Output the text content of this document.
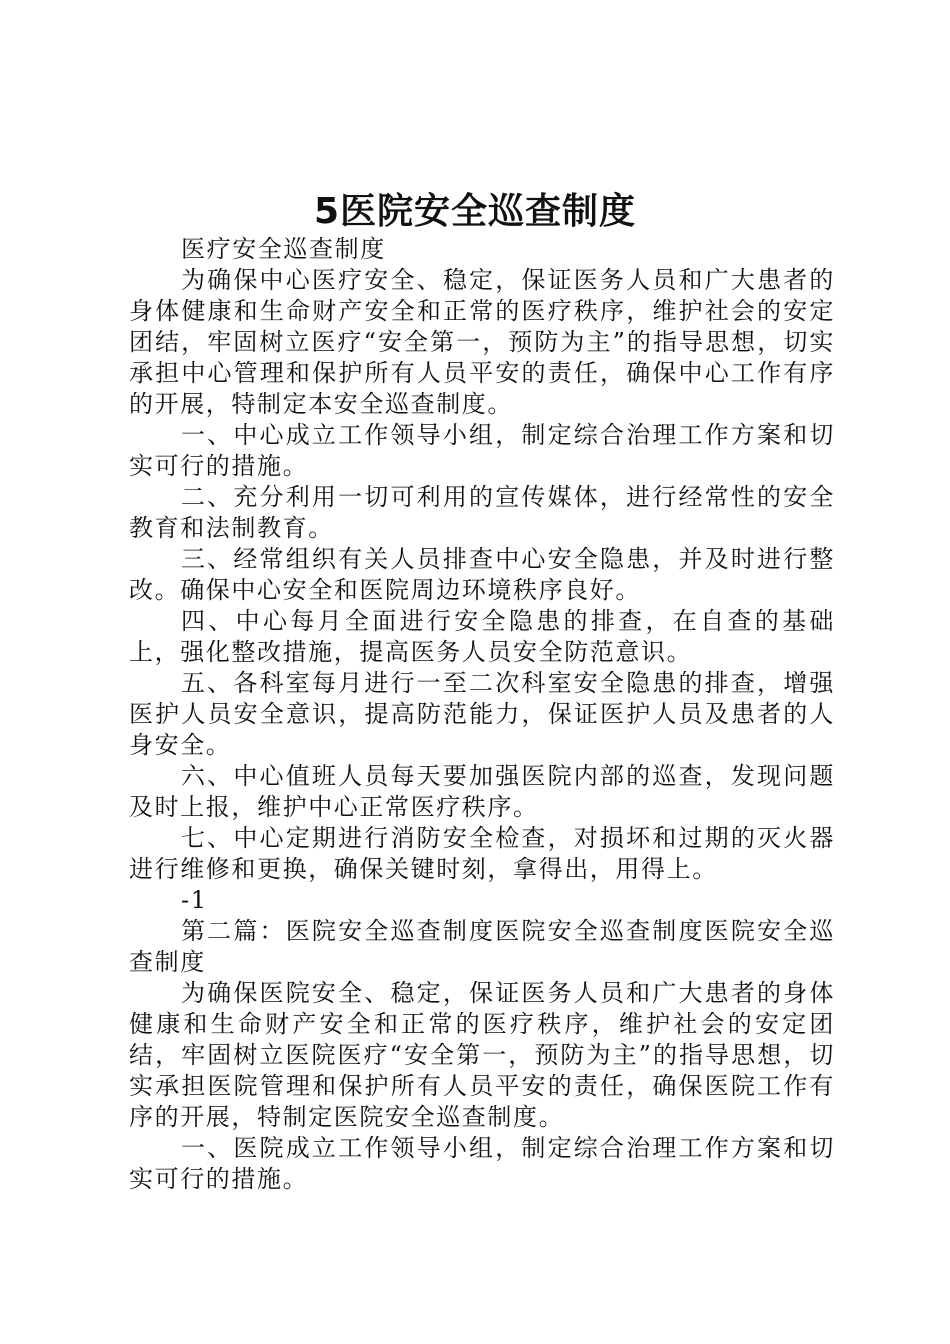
5医院安全巡查制度

医疗安全巡查制度

为确保中心医疗安全、稳定，保证医务人员和广大患者的身体健康和生命财产安全和正常的医疗秩序，维护社会的安定团结，牢固树立医疗“安全第一，预防为主”的指导思想，切实承担中心管理和保护所有人员平安的责任，确保中心工作有序的开展，特制定本安全巡查制度。

一、中心成立工作领导小组，制定综合治理工作方案和切实可行的措施。

二、充分利用一切可利用的宣传媒体，进行经常性的安全教育和法制教育。

三、经常组织有关人员排查中心安全隐患，并及时进行整改。确保中心安全和医院周边环境秩序良好。

四、中心每月全面进行安全隐患的排查，在自查的基础上，强化整改措施，提高医务人员安全防范意识。

五、各科室每月进行一至二次科室安全隐患的排查，增强医护人员安全意识，提高防范能力，保证医护人员及患者的人身安全。

六、中心值班人员每天要加强医院内部的巡查，发现问题及时上报，维护中心正常医疗秩序。

七、中心定期进行消防安全检查，对损坏和过期的灭火器进行维修和更换，确保关键时刻，拿得出，用得上。

-1

第二篇：医院安全巡查制度医院安全巡查制度医院安全巡查制度

为确保医院安全、稳定，保证医务人员和广大患者的身体健康和生命财产安全和正常的医疗秩序，维护社会的安定团结，牢固树立医院医疗“安全第一，预防为主”的指导思想，切实承担医院管理和保护所有人员平安的责任，确保医院工作有序的开展，特制定医院安全巡查制度。

一、医院成立工作领导小组，制定综合治理工作方案和切实可行的措施。
